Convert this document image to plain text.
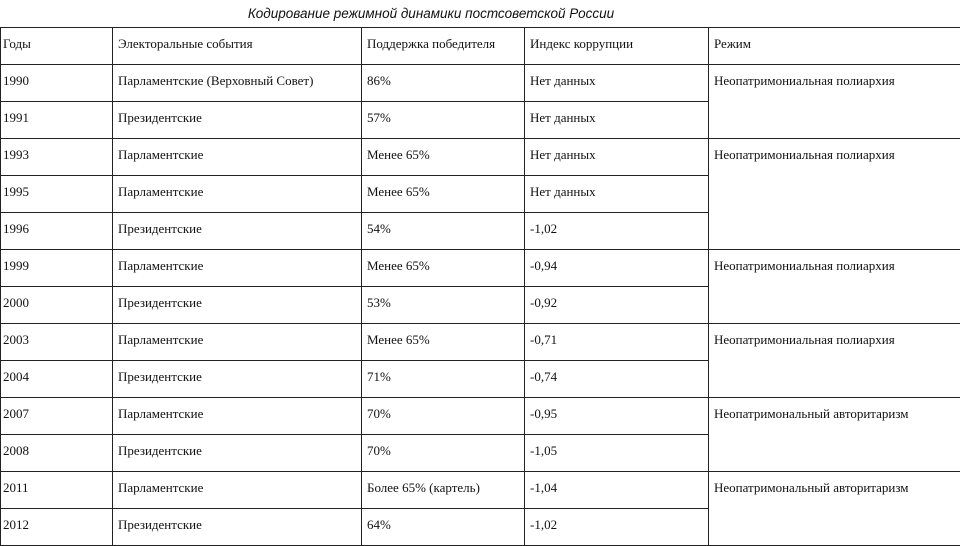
Кодирование режимной динамики постсоветской России
Годы	Электоральные события	Поддержка победителя	Индекс коррупции	Режим
1990	Парламентские (Верховный Совет)	86%	Нет данных	Неопатримониальная полиархия
1991	Президентские	57%	Нет данных	
1993	Парламентские	Менее 65%	Нет данных	Неопатримониальная полиархия
1995	Парламентские	Менее 65%	Нет данных	
1996	Президентские	54%	-1,02	
1999	Парламентские	Менее 65%	-0,94	Неопатримониальная полиархия
2000	Президентские	53%	-0,92	
2003	Парламентские	Менее 65%	-0,71	Неопатримониальная полиархия
2004	Президентские	71%	-0,74	
2007	Парламентские	70%	-0,95	Неопатримональный авторитаризм
2008	Президентские	70%	-1,05	
2011	Парламентские	Более 65% (картель)	-1,04	Неопатримональный авторитаризм
2012	Президентские	64%	-1,02	
